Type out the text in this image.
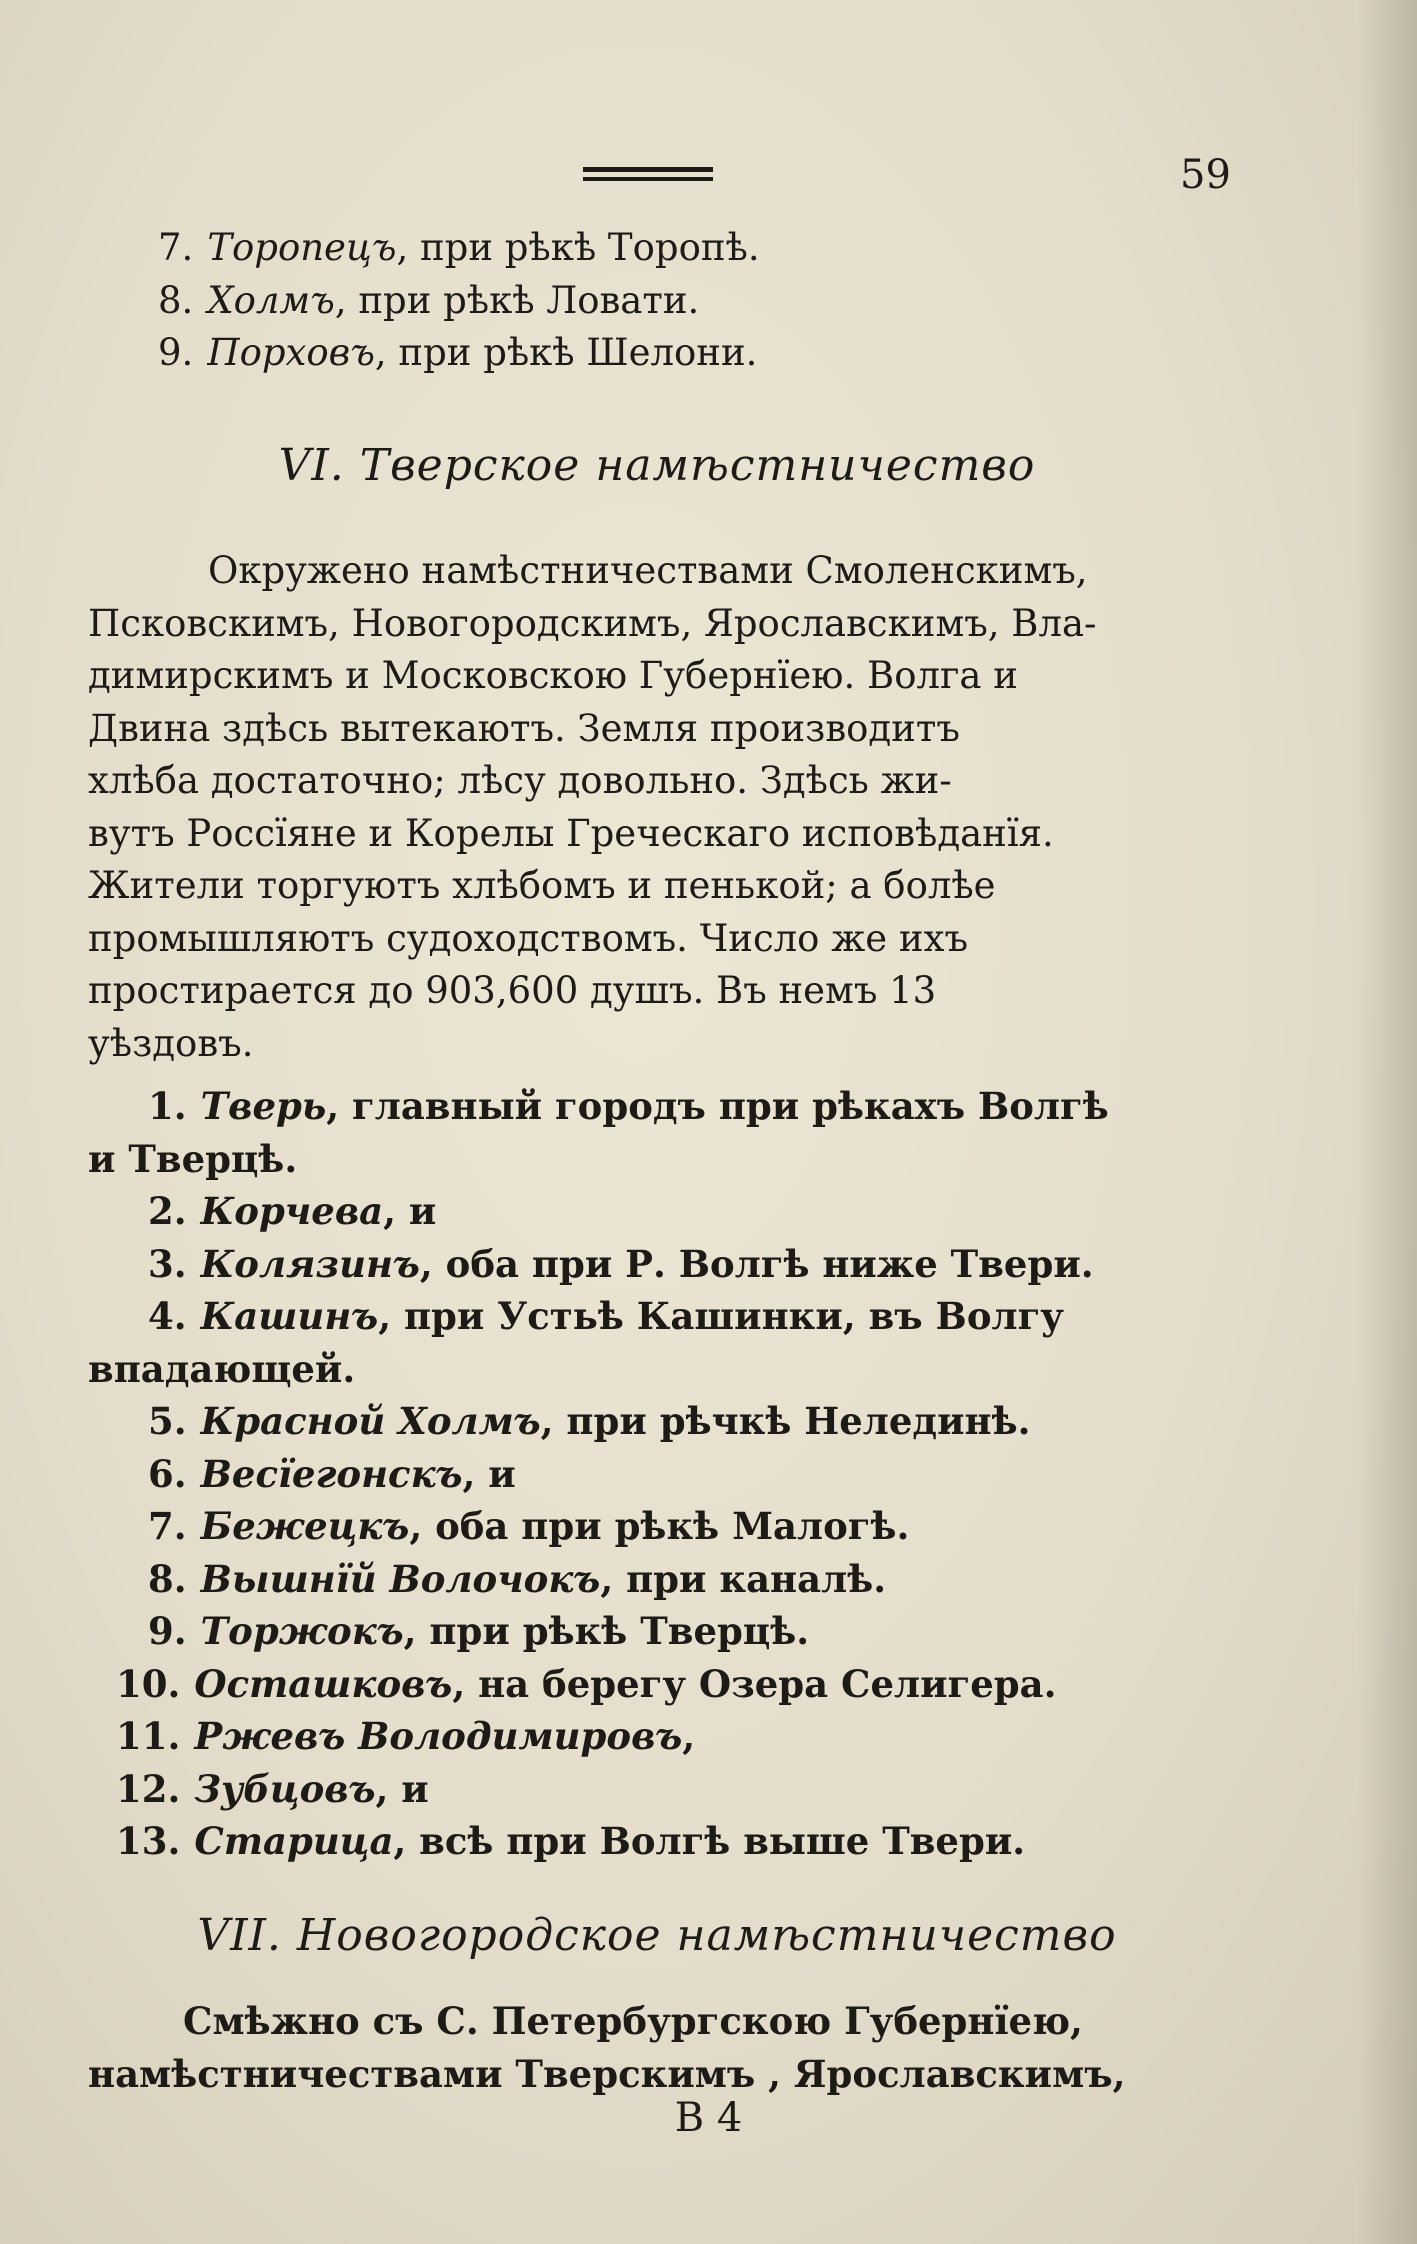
59
7. Торопецъ , при рѣкѣ Торопѣ.
8. Холмъ , при рѣкѣ Ловати.
9. Порховъ , при рѣкѣ Шелони.
VI. Тверское намѣстничество
Окружено намѣстничествами Смоленскимъ,
Псковскимъ, Новогородскимъ, Ярославскимъ, Вла-
димирскимъ и Московскою Губернїею. Волга и
Двина здѣсь вытекаютъ. Земля производитъ
хлѣба достаточно; лѣсу довольно. Здѣсь жи-
вутъ Россїяне и Корелы Греческаго исповѣданїя.
Жители торгуютъ хлѣбомъ и пенькой; а болѣе
промышляютъ судоходствомъ. Число же ихъ
простирается до 903,600 душъ. Въ немъ 13
уѣздовъ.
1. Тверь , главный городъ при рѣкахъ Волгѣ
и Тверцѣ.
2. Корчева , и
3. Колязинъ , оба при Р. Волгѣ ниже Твери.
4. Кашинъ , при Устьѣ Кашинки, въ Волгу
впадающей.
5. Красной Холмъ , при рѣчкѣ Нелединѣ.
6. Весїегонскъ , и
7. Бежецкъ , оба при рѣкѣ Малогѣ.
8. Вышнїй Волочокъ , при каналѣ.
9. Торжокъ , при рѣкѣ Тверцѣ.
10. Осташковъ , на берегу Озера Селигера.
11. Ржевъ Володимировъ ,
12. Зубцовъ , и
13. Старица , всѣ при Волгѣ выше Твери.
VII. Новогородское намѣстничество
Смѣжно съ С. Петербургскою Губернїею,
намѣстничествами Тверскимъ , Ярославскимъ,
В 4
